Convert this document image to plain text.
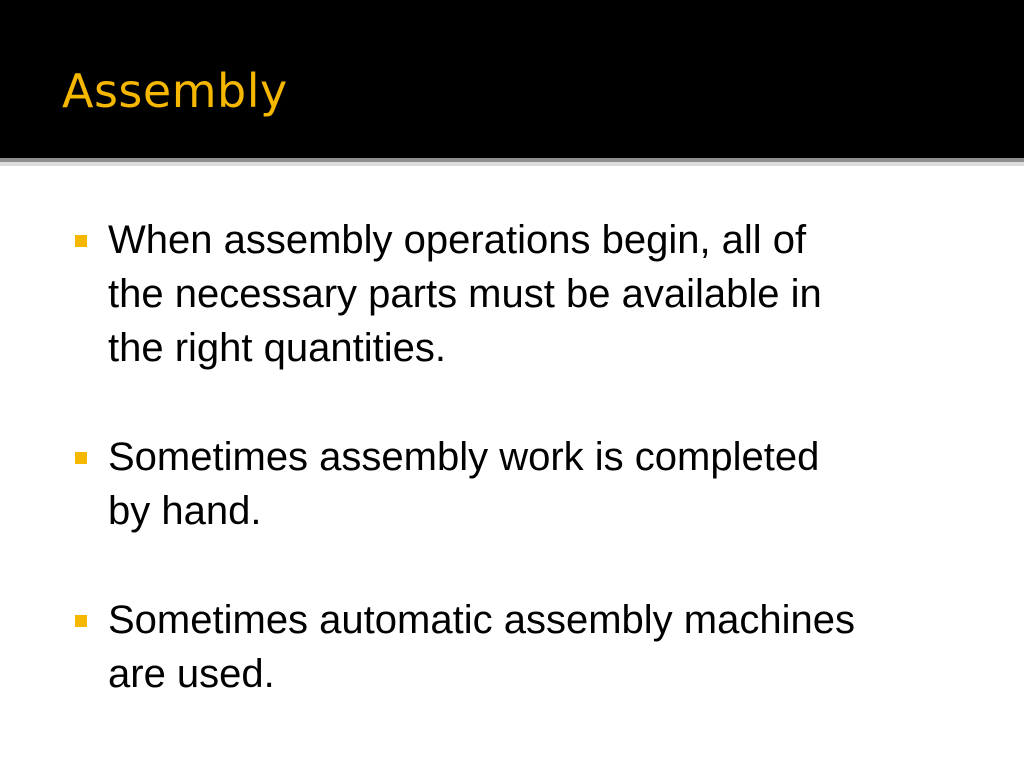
Assembly
When assembly operations begin, all of
the necessary parts must be available in
the right quantities.
Sometimes assembly work is completed
by hand.
Sometimes automatic assembly machines
are used.
